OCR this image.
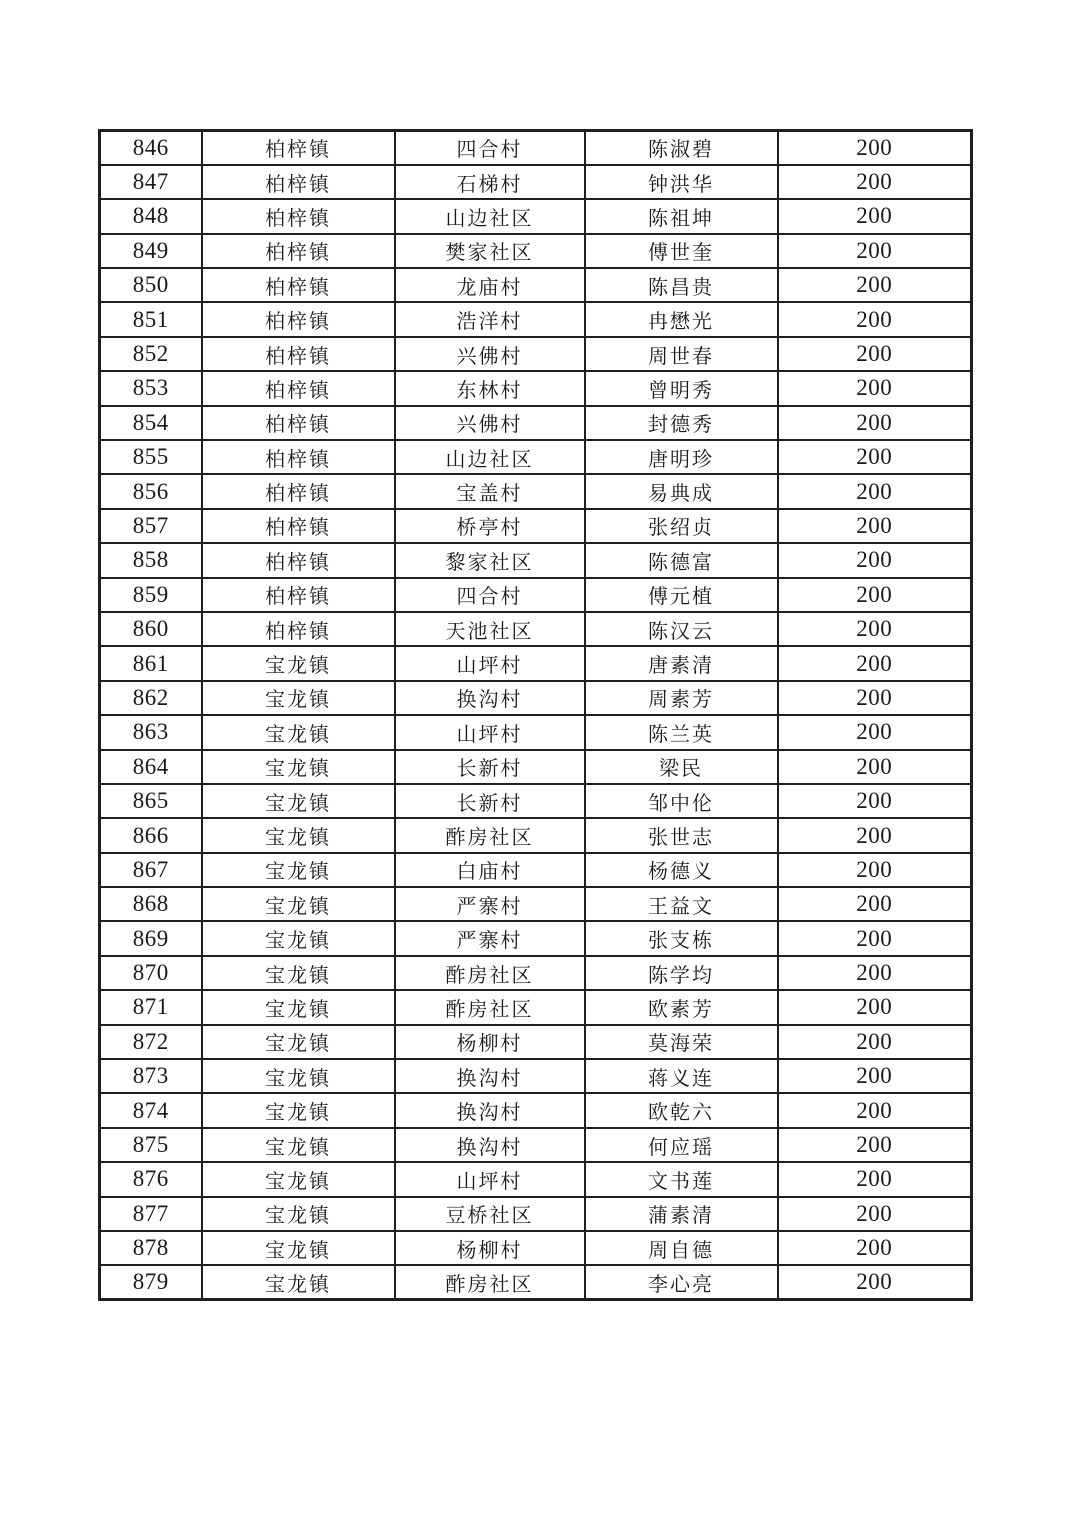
846	柏梓镇	四合村	陈淑碧	200
847	柏梓镇	石梯村	钟洪华	200
848	柏梓镇	山边社区	陈祖坤	200
849	柏梓镇	樊家社区	傅世奎	200
850	柏梓镇	龙庙村	陈昌贵	200
851	柏梓镇	浩洋村	冉懋光	200
852	柏梓镇	兴佛村	周世春	200
853	柏梓镇	东林村	曾明秀	200
854	柏梓镇	兴佛村	封德秀	200
855	柏梓镇	山边社区	唐明珍	200
856	柏梓镇	宝盖村	易典成	200
857	柏梓镇	桥亭村	张绍贞	200
858	柏梓镇	黎家社区	陈德富	200
859	柏梓镇	四合村	傅元植	200
860	柏梓镇	天池社区	陈汉云	200
861	宝龙镇	山坪村	唐素清	200
862	宝龙镇	换沟村	周素芳	200
863	宝龙镇	山坪村	陈兰英	200
864	宝龙镇	长新村	梁民	200
865	宝龙镇	长新村	邹中伦	200
866	宝龙镇	酢房社区	张世志	200
867	宝龙镇	白庙村	杨德义	200
868	宝龙镇	严寨村	王益文	200
869	宝龙镇	严寨村	张支栋	200
870	宝龙镇	酢房社区	陈学均	200
871	宝龙镇	酢房社区	欧素芳	200
872	宝龙镇	杨柳村	莫海荣	200
873	宝龙镇	换沟村	蒋义连	200
874	宝龙镇	换沟村	欧乾六	200
875	宝龙镇	换沟村	何应瑶	200
876	宝龙镇	山坪村	文书莲	200
877	宝龙镇	豆桥社区	蒲素清	200
878	宝龙镇	杨柳村	周自德	200
879	宝龙镇	酢房社区	李心亮	200
